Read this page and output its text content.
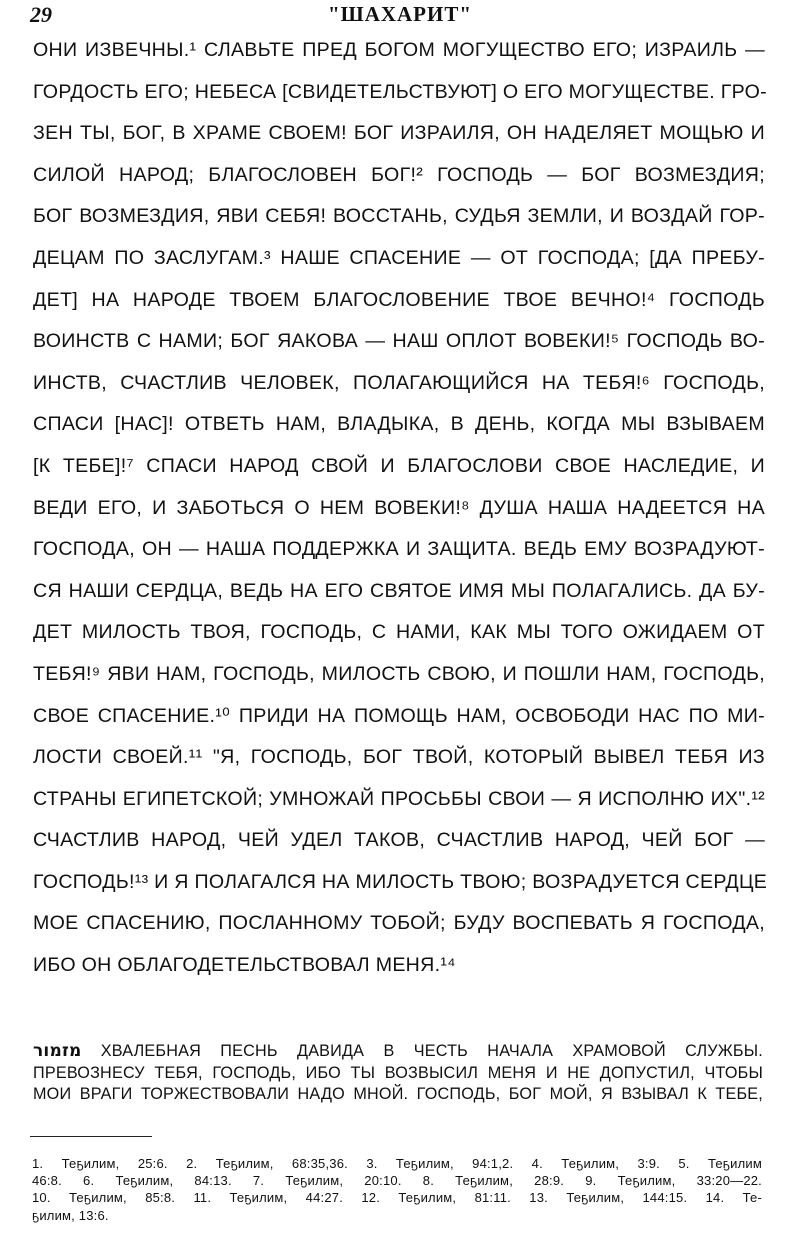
29	"ШАХАРИТ"
ОНИ ИЗВЕЧНЫ.¹ СЛАВЬТЕ ПРЕД БОГОМ МОГУЩЕСТВО ЕГО; ИЗРАИЛЬ —
ГОРДОСТЬ ЕГО; НЕБЕСА [СВИДЕТЕЛЬСТВУЮТ] О ЕГО МОГУЩЕСТВЕ. ГРО-
ЗЕН ТЫ, БОГ, В ХРАМЕ СВОЕМ! БОГ ИЗРАИЛЯ, ОН НАДЕЛЯЕТ МОЩЬЮ И
СИЛОЙ НАРОД; БЛАГОСЛОВЕН БОГ!² ГОСПОДЬ — БОГ ВОЗМЕЗДИЯ;
БОГ ВОЗМЕЗДИЯ, ЯВИ СЕБЯ! ВОССТАНЬ, СУДЬЯ ЗЕМЛИ, И ВОЗДАЙ ГОР-
ДЕЦАМ ПО ЗАСЛУГАМ.³ НАШЕ СПАСЕНИЕ — ОТ ГОСПОДА; [ДА ПРЕБУ-
ДЕТ] НА НАРОДЕ ТВОЕМ БЛАГОСЛОВЕНИЕ ТВОЕ ВЕЧНО!⁴ ГОСПОДЬ
ВОИНСТВ С НАМИ; БОГ ЯАКОВА — НАШ ОПЛОТ ВОВЕКИ!⁵ ГОСПОДЬ ВО-
ИНСТВ, СЧАСТЛИВ ЧЕЛОВЕК, ПОЛАГАЮЩИЙСЯ НА ТЕБЯ!⁶ ГОСПОДЬ,
СПАСИ [НАС]! ОТВЕТЬ НАМ, ВЛАДЫКА, В ДЕНЬ, КОГДА МЫ ВЗЫВАЕМ
[К ТЕБЕ]!⁷ СПАСИ НАРОД СВОЙ И БЛАГОСЛОВИ СВОЕ НАСЛЕДИЕ, И
ВЕДИ ЕГО, И ЗАБОТЬСЯ О НЕМ ВОВЕКИ!⁸ ДУША НАША НАДЕЕТСЯ НА
ГОСПОДА, ОН — НАША ПОДДЕРЖКА И ЗАЩИТА. ВЕДЬ ЕМУ ВОЗРАДУЮТ-
СЯ НАШИ СЕРДЦА, ВЕДЬ НА ЕГО СВЯТОЕ ИМЯ МЫ ПОЛАГАЛИСЬ. ДА БУ-
ДЕТ МИЛОСТЬ ТВОЯ, ГОСПОДЬ, С НАМИ, КАК МЫ ТОГО ОЖИДАЕМ ОТ
ТЕБЯ!⁹ ЯВИ НАМ, ГОСПОДЬ, МИЛОСТЬ СВОЮ, И ПОШЛИ НАМ, ГОСПОДЬ,
СВОЕ СПАСЕНИЕ.¹⁰ ПРИДИ НА ПОМОЩЬ НАМ, ОСВОБОДИ НАС ПО МИ-
ЛОСТИ СВОЕЙ.¹¹ "Я, ГОСПОДЬ, БОГ ТВОЙ, КОТОРЫЙ ВЫВЕЛ ТЕБЯ ИЗ
СТРАНЫ ЕГИПЕТСКОЙ; УМНОЖАЙ ПРОСЬБЫ СВОИ — Я ИСПОЛНЮ ИХ".¹²
СЧАСТЛИВ НАРОД, ЧЕЙ УДЕЛ ТАКОВ, СЧАСТЛИВ НАРОД, ЧЕЙ БОГ —
ГОСПОДЬ!¹³ И Я ПОЛАГАЛСЯ НА МИЛОСТЬ ТВОЮ; ВОЗРАДУЕТСЯ СЕРДЦЕ
МОЕ СПАСЕНИЮ, ПОСЛАННОМУ ТОБОЙ; БУДУ ВОСПЕВАТЬ Я ГОСПОДА,
ИБО ОН ОБЛАГОДЕТЕЛЬСТВОВАЛ МЕНЯ.¹⁴
מזמור ХВАЛЕБНАЯ ПЕСНЬ ДАВИДА В ЧЕСТЬ НАЧАЛА ХРАМОВОЙ СЛУЖБЫ.
ПРЕВОЗНЕСУ ТЕБЯ, ГОСПОДЬ, ИБО ТЫ ВОЗВЫСИЛ МЕНЯ И НЕ ДОПУСТИЛ, ЧТОБЫ
МОИ ВРАГИ ТОРЖЕСТВОВАЛИ НАДО МНОЙ. ГОСПОДЬ, БОГ МОЙ, Я ВЗЫВАЛ К ТЕБЕ,
1. Теҕилим, 25:6. 2. Теҕилим, 68:35,36. 3. Теҕилим, 94:1,2. 4. Теҕилим, 3:9. 5. Теҕилим
46:8. 6. Теҕилим, 84:13. 7. Теҕилим, 20:10. 8. Теҕилим, 28:9. 9. Теҕилим, 33:20—22.
10. Теҕилим, 85:8. 11. Теҕилим, 44:27. 12. Теҕилим, 81:11. 13. Теҕилим, 144:15. 14. Те-
ҕилим, 13:6.
